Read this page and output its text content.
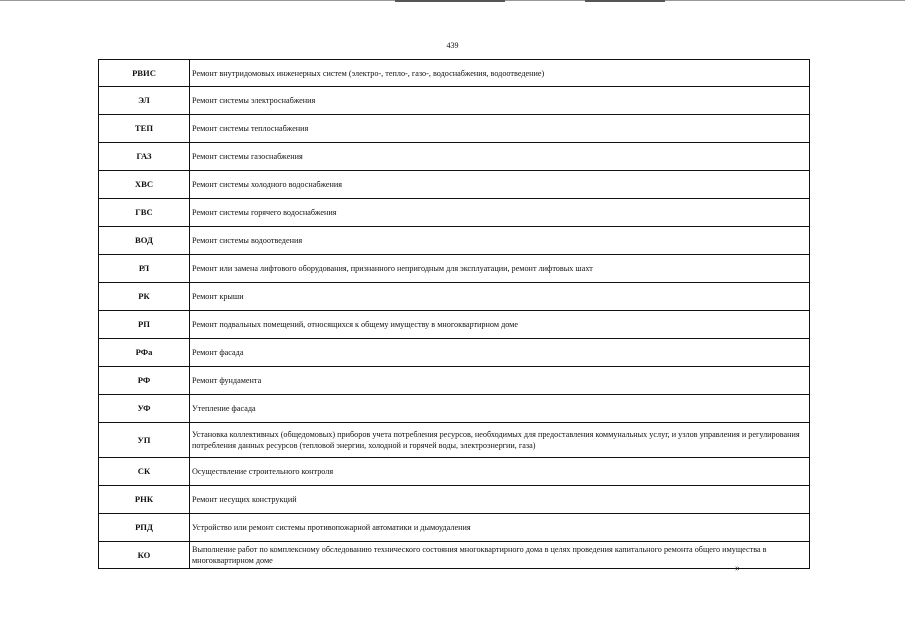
439
РВИС	Ремонт внутридомовых инженерных систем (электро-, тепло-, газо-, водоснабжения, водоотведение)
ЭЛ	Ремонт системы электроснабжения
ТЕП	Ремонт системы теплоснабжения
ГАЗ	Ремонт системы газоснабжения
ХВС	Ремонт системы холодного водоснабжения
ГВС	Ремонт системы горячего водоснабжения
ВОД	Ремонт системы водоотведения
РЛ	Ремонт или замена лифтового оборудования, признанного непригодным для эксплуатации, ремонт лифтовых шахт
РК	Ремонт крыши
РП	Ремонт подвальных помещений, относящихся к общему имуществу в многоквартирном доме
РФа	Ремонт фасада
РФ	Ремонт фундамента
УФ	Утепление фасада
УП	Установка коллективных (общедомовых) приборов учета потребления ресурсов, необходимых для предоставления коммунальных услуг, и узлов управления и регулирования потребления данных ресурсов (тепловой энергии, холодной и горячей воды, электроэнергии, газа)
СК	Осуществление строительного контроля
РНК	Ремонт несущих конструкций
РПД	Устройство или ремонт системы противопожарной автоматики и дымоудаления
КО	Выполнение работ по комплексному обследованию технического состояния многоквартирного дома в целях проведения капитального ремонта общего имущества в многоквартирном доме
»
